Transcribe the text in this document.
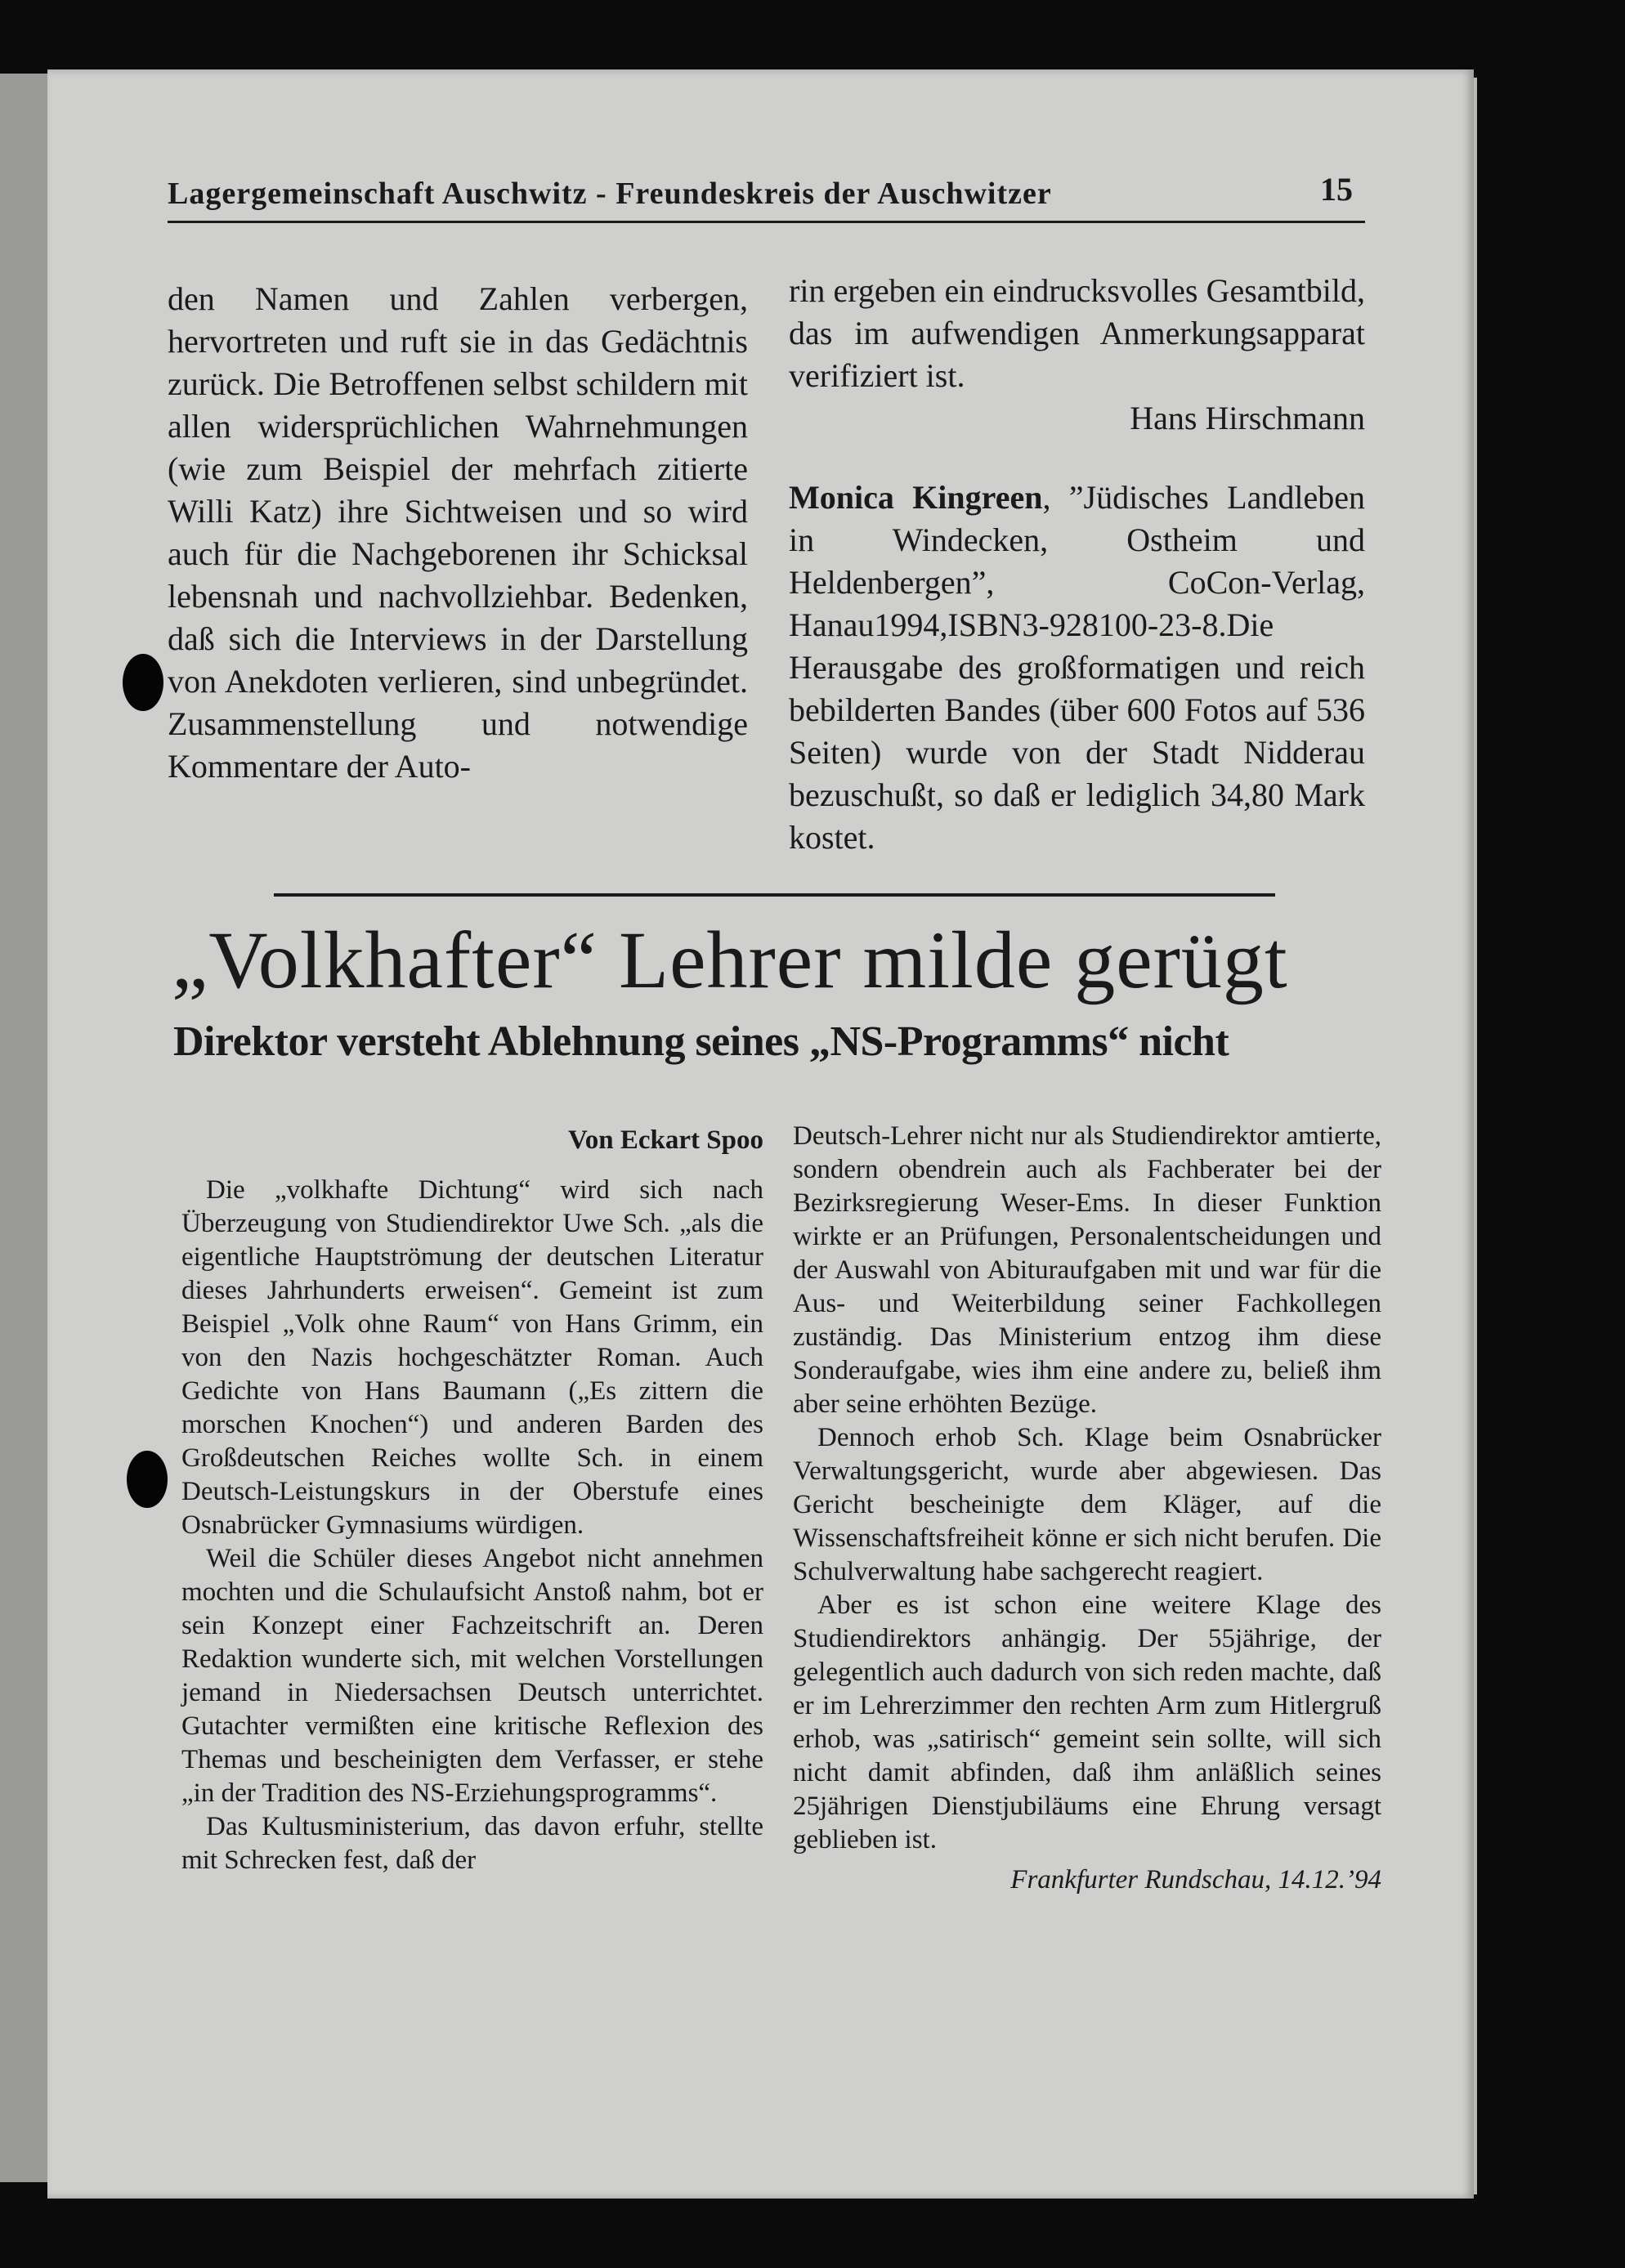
Lagergemeinschaft Auschwitz - Freundeskreis der Auschwitzer	15

den Namen und Zahlen verbergen, hervortreten und ruft sie in das Gedächtnis zurück. Die Betroffenen selbst schildern mit allen widersprüchlichen Wahrnehmungen (wie zum Beispiel der mehrfach zitierte Willi Katz) ihre Sichtweisen und so wird auch für die Nachgeborenen ihr Schicksal lebensnah und nachvollziehbar. Bedenken, daß sich die Interviews in der Darstellung von Anekdoten verlieren, sind unbegründet. Zusammenstellung und notwendige Kommentare der Auto-

rin ergeben ein eindrucksvolles Gesamtbild, das im aufwendigen Anmerkungsapparat verifiziert ist.

Hans Hirschmann

Monica Kingreen, ”Jüdisches Landleben in Windecken, Ostheim und Heldenbergen”, CoCon-Verlag, Hanau1994,ISBN3-928100-23-8.Die Herausgabe des großformatigen und reich bebilderten Bandes (über 600 Fotos auf 536 Seiten) wurde von der Stadt Nidderau bezuschußt, so daß er lediglich 34,80 Mark kostet.

„Volkhafter“ Lehrer milde gerügt
Direktor versteht Ablehnung seines „NS-Programms“ nicht

Von Eckart Spoo

Die „volkhafte Dichtung“ wird sich nach Überzeugung von Studiendirektor Uwe Sch. „als die eigentliche Hauptströmung der deutschen Literatur dieses Jahrhunderts erweisen“. Gemeint ist zum Beispiel „Volk ohne Raum“ von Hans Grimm, ein von den Nazis hochgeschätzter Roman. Auch Gedichte von Hans Baumann („Es zittern die morschen Knochen“) und anderen Barden des Großdeutschen Reiches wollte Sch. in einem Deutsch-Leistungskurs in der Oberstufe eines Osnabrücker Gymnasiums würdigen.

Weil die Schüler dieses Angebot nicht annehmen mochten und die Schulaufsicht Anstoß nahm, bot er sein Konzept einer Fachzeitschrift an. Deren Redaktion wunderte sich, mit welchen Vorstellungen jemand in Niedersachsen Deutsch unterrichtet. Gutachter vermißten eine kritische Reflexion des Themas und bescheinigten dem Verfasser, er stehe „in der Tradition des NS-Erziehungsprogramms“.

Das Kultusministerium, das davon erfuhr, stellte mit Schrecken fest, daß der

Deutsch-Lehrer nicht nur als Studiendirektor amtierte, sondern obendrein auch als Fachberater bei der Bezirksregierung Weser-Ems. In dieser Funktion wirkte er an Prüfungen, Personalentscheidungen und der Auswahl von Abituraufgaben mit und war für die Aus- und Weiterbildung seiner Fachkollegen zuständig. Das Ministerium entzog ihm diese Sonderaufgabe, wies ihm eine andere zu, beließ ihm aber seine erhöhten Bezüge.

Dennoch erhob Sch. Klage beim Osnabrücker Verwaltungsgericht, wurde aber abgewiesen. Das Gericht bescheinigte dem Kläger, auf die Wissenschaftsfreiheit könne er sich nicht berufen. Die Schulverwaltung habe sachgerecht reagiert.

Aber es ist schon eine weitere Klage des Studiendirektors anhängig. Der 55jährige, der gelegentlich auch dadurch von sich reden machte, daß er im Lehrerzimmer den rechten Arm zum Hitlergruß erhob, was „satirisch“ gemeint sein sollte, will sich nicht damit abfinden, daß ihm anläßlich seines 25jährigen Dienstjubiläums eine Ehrung versagt geblieben ist.

Frankfurter Rundschau, 14.12.’94
